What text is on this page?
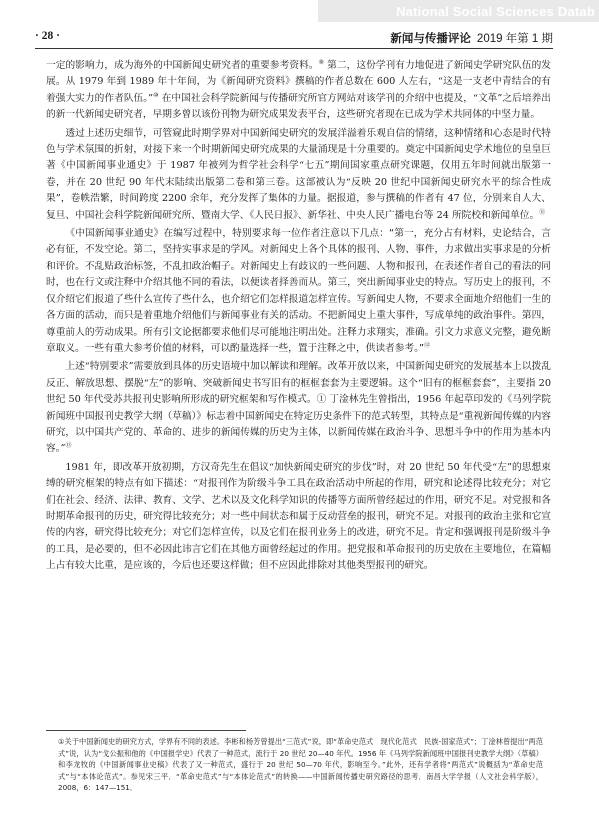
National Social Sciences Datab
· 28 ·	新闻与传播评论 2019 年第 1 期

一定的影响力，成为海外的中国新闻史研究者的重要参考资料。⑨ 第二，这份学刊有力地促进了新闻史学研究队伍的发展。从 1979 年到 1989 年十年间，为《新闻研究资料》撰稿的作者总数在 600 人左右，“这是一支老中青结合的有着强大实力的作者队伍。”⑩ 在中国社会科学院新闻与传播研究所官方网站对该学刊的介绍中也提及，“文革”之后培养出的新一代新闻史研究者，早期多曾以该份刊物为研究成果发表平台，这些研究者现在已成为学术共同体的中坚力量。

透过上述历史细节，可管窥此时期学界对中国新闻史研究的发展洋溢着乐观自信的情绪，这种情绪和心态是时代特色与学术氛围的折射，对接下来一个时期新闻史研究成果的大量涌现是十分重要的。奠定中国新闻史学术地位的皇皇巨著《中国新闻事业通史》于 1987 年被列为哲学社会科学“七五”期间国家重点研究课题，仅用五年时间就出版第一卷，并在 20 世纪 90 年代末陆续出版第二卷和第三卷。这部被认为“反映 20 世纪中国新闻史研究水平的综合性成果”，卷帙浩繁，时间跨度 2200 余年，充分发挥了集体的力量。据报道，参与撰稿的作者有 47 位，分别来自人大、复旦、中国社会科学院新闻研究所、暨南大学、《人民日报》、新华社、中央人民广播电台等 24 所院校和新闻单位。⑪

《中国新闻事业通史》在编写过程中，特别要求每一位作者注意以下几点：“第一，充分占有材料，史论结合，言必有征，不发空论。第二，坚持实事求是的学风。对新闻史上各个具体的报刊、人物、事件，力求做出实事求是的分析和评价。不乱贴政治标签，不乱扣政治帽子。对新闻史上有歧议的一些问题、人物和报刊，在表述作者自己的看法的同时，也在行文或注释中介绍其他不同的看法，以便读者择善而从。第三，突出新闻事业史的特点。写历史上的报刊，不仅介绍它们报道了些什么宣传了些什么，也介绍它们怎样报道怎样宣传。写新闻史人物，不要求全面地介绍他们一生的各方面的活动，而只是着重地介绍他们与新闻事业有关的活动。不把新闻史上重大事件，写成单纯的政治事件。第四，尊重前人的劳动成果。所有引文论据都要求他们尽可能地注明出处。注释力求翔实，准确。引文力求意义完整，避免断章取义。一些有重大参考价值的材料，可以酌量选择一些，置于注释之中，供读者参考。”⑫

上述“特别要求”需要放到具体的历史语境中加以解读和理解。改革开放以来，中国新闻史研究的发展基本上以拨乱反正、解放思想、摆脱“左”的影响、突破新闻史书写旧有的框框套套为主要逻辑。这个“旧有的框框套套”，主要指 20 世纪 50 年代受苏共报刊史影响所形成的研究框架和写作模式。① 丁淦林先生曾指出，1956 年起草印发的《马列学院新闻班中国报刊史教学大纲（草稿）》标志着中国新闻史在特定历史条件下的范式转型，其特点是“重视新闻传媒的内容研究，以中国共产党的、革命的、进步的新闻传媒的历史为主体，以新闻传媒在政治斗争、思想斗争中的作用为基本内容。”⑬

1981 年，即改革开放初期，方汉奇先生在倡议“加快新闻史研究的步伐”时，对 20 世纪 50 年代受“左”的思想束缚的研究框架的特点有如下描述：“对报刊作为阶级斗争工具在政治活动中所起的作用，研究和论述得比较充分；对它们在社会、经济、法律、教育、文学、艺术以及文化科学知识的传播等方面所曾经起过的作用，研究不足。对党报和各时期革命报刊的历史，研究得比较充分；对一些中间状态和属于反动营垒的报刊，研究不足。对报刊的政治主张和它宣传的内容，研究得比较充分；对它们怎样宣传，以及它们在报刊业务上的改进，研究不足。肯定和强调报刊是阶级斗争的工具，是必要的，但不必因此讳言它们在其他方面曾经起过的作用。把党报和革命报刊的历史放在主要地位，在篇幅上占有较大比重，是应该的，今后也还要这样做；但不应因此排除对其他类型报刊的研究。

①关于中国新闻史的研究方式，学界有不同的表述。李彬和杨芳曾提出“三范式”说，即“革命史范式　现代化范式　民族-国家范式”；丁淦林曾提出“两范式”说，认为“戈公振和他的《中国报学史》代表了一种范式，流行于 20 世纪 20—40 年代。1956 年《马列学院新闻班中国报刊史教学大纲》（草稿）和李龙牧的《中国新闻事业史稿》代表了又一种范式，盛行于 20 世纪 50—70 年代，影响至今。”此外，还有学者将“两范式”说概括为“革命史范式”与“本体论范式”。参见宋三平．“革命史范式”与“本体论范式”的转换——中国新闻传播史研究路径的思考．南昌大学学报（人文社会科学版），2008，6：147—151．
